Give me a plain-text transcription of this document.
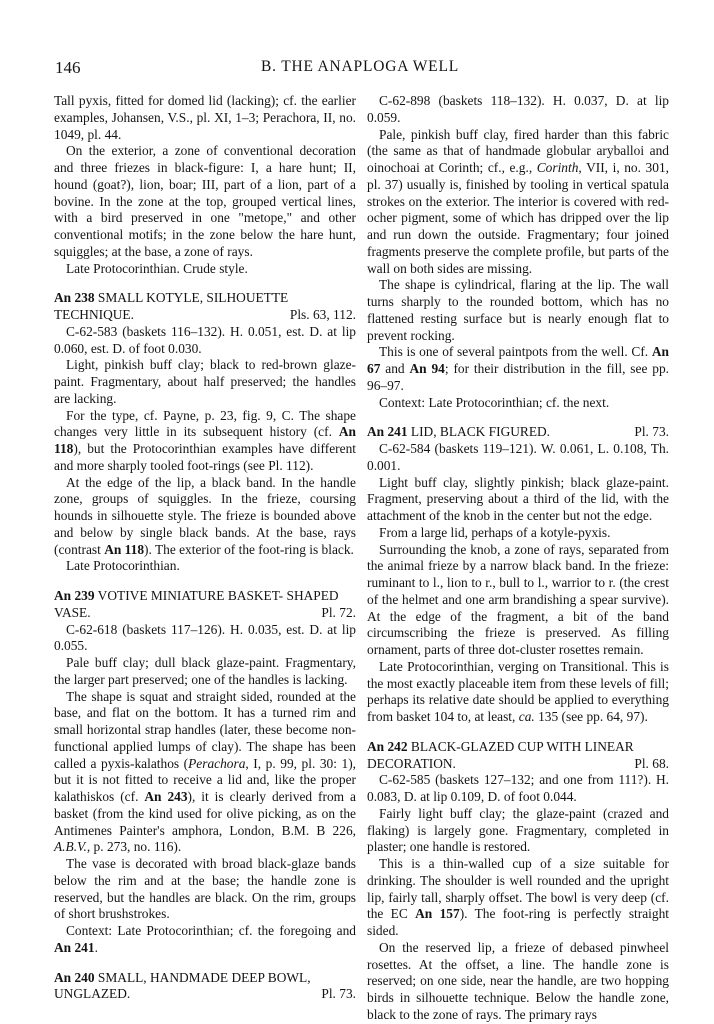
146	B. THE ANAPLOGA WELL

Tall pyxis, fitted for domed lid (lacking); cf. the earlier examples, Johansen, V.S., pl. XI, 1–3; Perachora, II, no. 1049, pl. 44.

On the exterior, a zone of conventional decoration and three friezes in black-figure: I, a hare hunt; II, hound (goat?), lion, boar; III, part of a lion, part of a bovine. In the zone at the top, grouped vertical lines, with a bird preserved in one "metope," and other conventional motifs; in the zone below the hare hunt, squiggles; at the base, a zone of rays.

Late Protocorinthian. Crude style.

An 238 SMALL KOTYLE, SILHOUETTE

TECHNIQUE.	Pls. 63, 112.

C-62-583 (baskets 116–132). H. 0.051, est. D. at lip 0.060, est. D. of foot 0.030.

Light, pinkish buff clay; black to red-brown glaze-paint. Fragmentary, about half preserved; the handles are lacking.

For the type, cf. Payne, p. 23, fig. 9, C. The shape changes very little in its subsequent history (cf. An 118), but the Protocorinthian examples have different and more sharply tooled foot-rings (see Pl. 112).

At the edge of the lip, a black band. In the handle zone, groups of squiggles. In the frieze, coursing hounds in silhouette style. The frieze is bounded above and below by single black bands. At the base, rays (contrast An 118). The exterior of the foot-ring is black.

Late Protocorinthian.

An 239 VOTIVE MINIATURE BASKET- SHAPED

VASE.	Pl. 72.

C-62-618 (baskets 117–126). H. 0.035, est. D. at lip 0.055.

Pale buff clay; dull black glaze-paint. Fragmentary, the larger part preserved; one of the handles is lacking.

The shape is squat and straight sided, rounded at the base, and flat on the bottom. It has a turned rim and small horizontal strap handles (later, these become non-functional applied lumps of clay). The shape has been called a pyxis-kalathos (Perachora, I, p. 99, pl. 30: 1), but it is not fitted to receive a lid and, like the proper kalathiskos (cf. An 243), it is clearly derived from a basket (from the kind used for olive picking, as on the Antimenes Painter's amphora, London, B.M. B 226, A.B.V., p. 273, no. 116).

The vase is decorated with broad black-glaze bands below the rim and at the base; the handle zone is reserved, but the handles are black. On the rim, groups of short brushstrokes.

Context: Late Protocorinthian; cf. the foregoing and An 241.

An 240 SMALL, HANDMADE DEEP BOWL,

UNGLAZED.	Pl. 73.

C-62-898 (baskets 118–132). H. 0.037, D. at lip 0.059.

Pale, pinkish buff clay, fired harder than this fabric (the same as that of handmade globular aryballoi and oinochoai at Corinth; cf., e.g., Corinth, VII, i, no. 301, pl. 37) usually is, finished by tooling in vertical spatula strokes on the exterior. The interior is covered with red-ocher pigment, some of which has dripped over the lip and run down the outside. Fragmentary; four joined fragments preserve the complete profile, but parts of the wall on both sides are missing.

The shape is cylindrical, flaring at the lip. The wall turns sharply to the rounded bottom, which has no flattened resting surface but is nearly enough flat to prevent rocking.

This is one of several paintpots from the well. Cf. An 67 and An 94; for their distribution in the fill, see pp. 96–97.

Context: Late Protocorinthian; cf. the next.

An 241 LID, BLACK FIGURED.	Pl. 73.

C-62-584 (baskets 119–121). W. 0.061, L. 0.108, Th. 0.001.

Light buff clay, slightly pinkish; black glaze-paint. Fragment, preserving about a third of the lid, with the attachment of the knob in the center but not the edge.

From a large lid, perhaps of a kotyle-pyxis.

Surrounding the knob, a zone of rays, separated from the animal frieze by a narrow black band. In the frieze: ruminant to l., lion to r., bull to l., warrior to r. (the crest of the helmet and one arm brandishing a spear survive). At the edge of the fragment, a bit of the band circumscribing the frieze is preserved. As filling ornament, parts of three dot-cluster rosettes remain.

Late Protocorinthian, verging on Transitional. This is the most exactly placeable item from these levels of fill; perhaps its relative date should be applied to everything from basket 104 to, at least, ca. 135 (see pp. 64, 97).

An 242 BLACK-GLAZED CUP WITH LINEAR

DECORATION.	Pl. 68.

C-62-585 (baskets 127–132; and one from 111?). H. 0.083, D. at lip 0.109, D. of foot 0.044.

Fairly light buff clay; the glaze-paint (crazed and flaking) is largely gone. Fragmentary, completed in plaster; one handle is restored.

This is a thin-walled cup of a size suitable for drinking. The shoulder is well rounded and the upright lip, fairly tall, sharply offset. The bowl is very deep (cf. the EC An 157). The foot-ring is perfectly straight sided.

On the reserved lip, a frieze of debased pinwheel rosettes. At the offset, a line. The handle zone is reserved; on one side, near the handle, are two hopping birds in silhouette technique. Below the handle zone, black to the zone of rays. The primary rays
